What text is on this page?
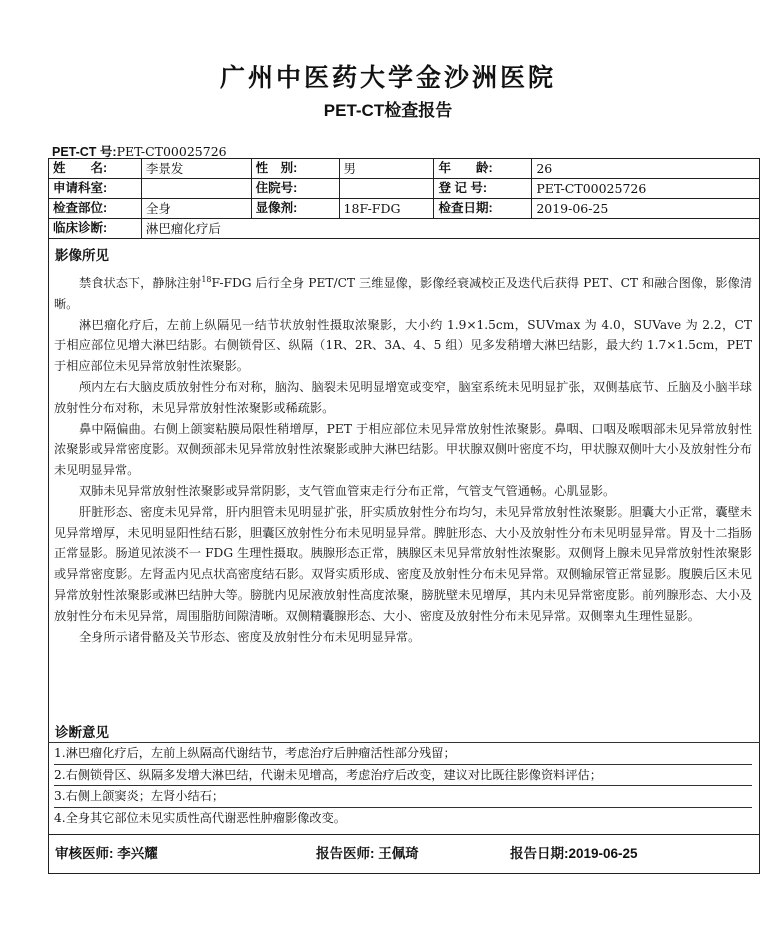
广州中医药大学金沙洲医院
PET-CT检查报告
PET-CT 号:PET-CT00025726
姓　　名:	李景发	性　别:	男	年　　龄:	26
申请科室:		住院号:		登 记 号:	PET-CT00025726
检查部位:	全身	显像剂:	18F-FDG	检查日期:	2019-06-25
临床诊断:	淋巴瘤化疗后				
影像所见

禁食状态下，静脉注射$^{18}$F-FDG 后行全身 PET/CT 三维显像，影像经衰减校正及迭代后获得 PET、CT 和融合图像，影像清晰。

淋巴瘤化疗后，左前上纵隔见一结节状放射性摄取浓聚影，大小约 1.9×1.5cm，SUVmax 为 4.0，SUVave 为 2.2，CT 于相应部位见增大淋巴结影。右侧锁骨区、纵隔（1R、2R、3A、4、5 组）见多发稍增大淋巴结影，最大约 1.7×1.5cm，PET 于相应部位未见异常放射性浓聚影。

颅内左右大脑皮质放射性分布对称，脑沟、脑裂未见明显增宽或变窄，脑室系统未见明显扩张，双侧基底节、丘脑及小脑半球放射性分布对称，未见异常放射性浓聚影或稀疏影。

鼻中隔偏曲。右侧上颌窦粘膜局限性稍增厚，PET 于相应部位未见异常放射性浓聚影。鼻咽、口咽及喉咽部未见异常放射性浓聚影或异常密度影。双侧颈部未见异常放射性浓聚影或肿大淋巴结影。甲状腺双侧叶密度不均，甲状腺双侧叶大小及放射性分布未见明显异常。

双肺未见异常放射性浓聚影或异常阴影，支气管血管束走行分布正常，气管支气管通畅。心肌显影。

肝脏形态、密度未见异常，肝内胆管未见明显扩张，肝实质放射性分布均匀，未见异常放射性浓聚影。胆囊大小正常，囊壁未见异常增厚，未见明显阳性结石影，胆囊区放射性分布未见明显异常。脾脏形态、大小及放射性分布未见明显异常。胃及十二指肠正常显影。肠道见浓淡不一 FDG 生理性摄取。胰腺形态正常，胰腺区未见异常放射性浓聚影。双侧肾上腺未见异常放射性浓聚影或异常密度影。左肾盂内见点状高密度结石影。双肾实质形成、密度及放射性分布未见异常。双侧输尿管正常显影。腹膜后区未见异常放射性浓聚影或淋巴结肿大等。膀胱内见尿液放射性高度浓聚，膀胱壁未见增厚，其内未见异常密度影。前列腺形态、大小及放射性分布未见异常，周围脂肪间隙清晰。双侧精囊腺形态、大小、密度及放射性分布未见异常。双侧睾丸生理性显影。

全身所示诸骨骼及关节形态、密度及放射性分布未见明显异常。

诊断意见
1.淋巴瘤化疗后，左前上纵隔高代谢结节，考虑治疗后肿瘤活性部分残留；
2.右侧锁骨区、纵隔多发增大淋巴结，代谢未见增高，考虑治疗后改变，建议对比既往影像资料评估；
3.右侧上颌窦炎；左肾小结石；
4.全身其它部位未见实质性高代谢恶性肿瘤影像改变。
审核医师: 李兴耀	报告医师: 王佩琦	报告日期:2019-06-25
